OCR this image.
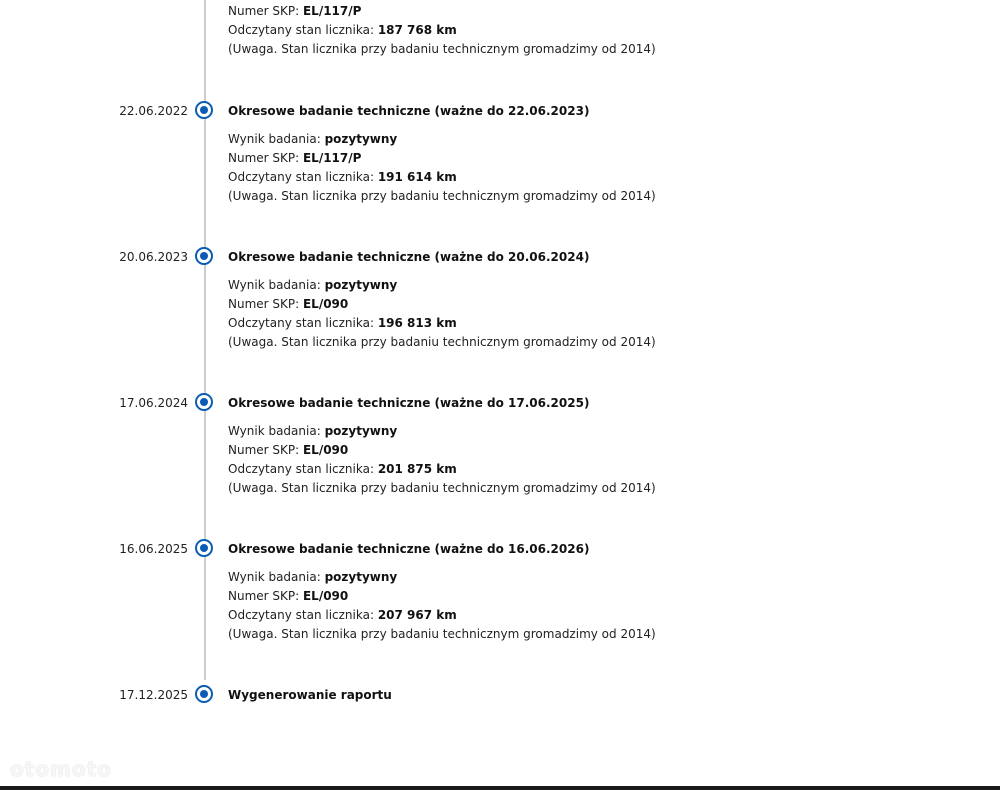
Numer SKP: EL/117/P
Odczytany stan licznika: 187 768 km
(Uwaga. Stan licznika przy badaniu technicznym gromadzimy od 2014)
22.06.2022	Okresowe badanie techniczne (ważne do 22.06.2023)
Wynik badania: pozytywny
Numer SKP: EL/117/P
Odczytany stan licznika: 191 614 km
(Uwaga. Stan licznika przy badaniu technicznym gromadzimy od 2014)
20.06.2023	Okresowe badanie techniczne (ważne do 20.06.2024)
Wynik badania: pozytywny
Numer SKP: EL/090
Odczytany stan licznika: 196 813 km
(Uwaga. Stan licznika przy badaniu technicznym gromadzimy od 2014)
17.06.2024	Okresowe badanie techniczne (ważne do 17.06.2025)
Wynik badania: pozytywny
Numer SKP: EL/090
Odczytany stan licznika: 201 875 km
(Uwaga. Stan licznika przy badaniu technicznym gromadzimy od 2014)
16.06.2025	Okresowe badanie techniczne (ważne do 16.06.2026)
Wynik badania: pozytywny
Numer SKP: EL/090
Odczytany stan licznika: 207 967 km
(Uwaga. Stan licznika przy badaniu technicznym gromadzimy od 2014)
17.12.2025	Wygenerowanie raportu
otomoto
